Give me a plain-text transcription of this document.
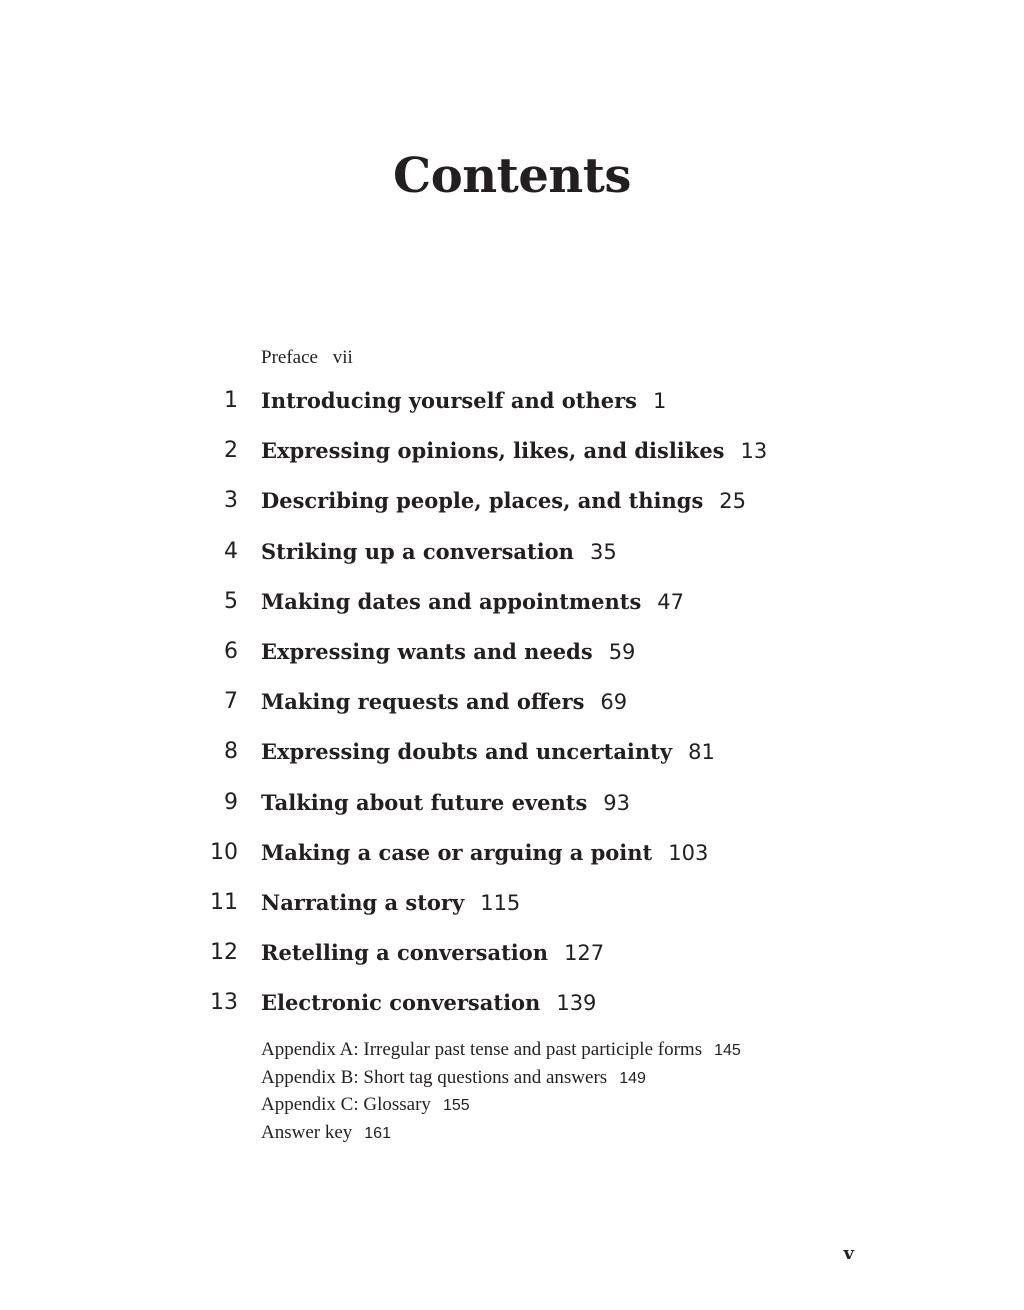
Contents
Preface vii
1 Introducing yourself and others 1
2 Expressing opinions, likes, and dislikes 13
3 Describing people, places, and things 25
4 Striking up a conversation 35
5 Making dates and appointments 47
6 Expressing wants and needs 59
7 Making requests and offers 69
8 Expressing doubts and uncertainty 81
9 Talking about future events 93
10 Making a case or arguing a point 103
11 Narrating a story 115
12 Retelling a conversation 127
13 Electronic conversation 139
Appendix A: Irregular past tense and past participle forms 145
Appendix B: Short tag questions and answers 149
Appendix C: Glossary 155
Answer key 161
v
